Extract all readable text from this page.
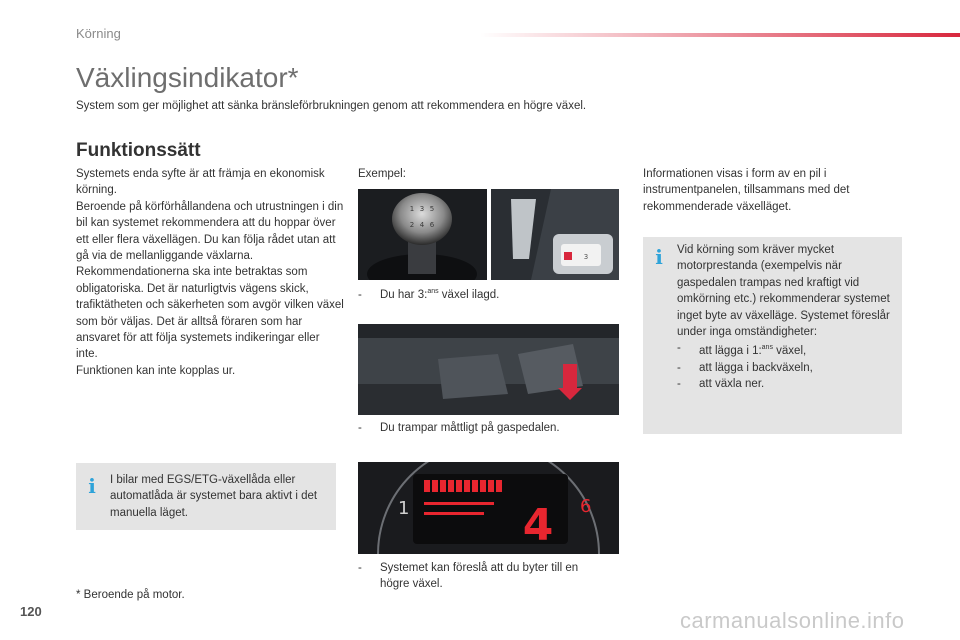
Körning
Växlingsindikator*
System som ger möjlighet att sänka bränsleförbrukningen genom att rekommendera en högre växel.
Funktionssätt

Systemets enda syfte är att främja en ekonomisk körning.

Beroende på körförhållandena och utrustningen i din bil kan systemet rekommendera att du hoppar över ett eller flera växellägen. Du kan följa rådet utan att gå via de mellanliggande växlarna.

Rekommendationerna ska inte betraktas som obligatoriska. Det är naturligtvis vägens skick, trafiktätheten och säkerheten som avgör vilken växel som bör väljas. Det är alltså föraren som har ansvaret för att följa systemets indikeringar eller inte.

Funktionen kan inte kopplas ur.

i I bilar med EGS/ETG-växellåda eller automatlåda är systemet bara aktivt i det manuella läget.
* Beroende på motor.
Exempel:
1 3 5
2 4 6
3
- Du har 3:$^{ans}$ växel ilagd.
- Du trampar måttligt på gaspedalen.
4
1	6
- Systemet kan föreslå att du byter till en
högre växel.
Informationen visas i form av en pil i instrumentpanelen, tillsammans med det rekommenderade växelläget.
i Vid körning som kräver mycket motorprestanda (exempelvis när gaspedalen trampas ned kraftigt vid omkörning etc.) rekommenderar systemet inget byte av växelläge. Systemet föreslår under inga omständigheter:
-	att lägga i 1:$^{ans}$ växel,
-	att lägga i backväxeln,
-	att växla ner.
120	carmanualsonline.info
